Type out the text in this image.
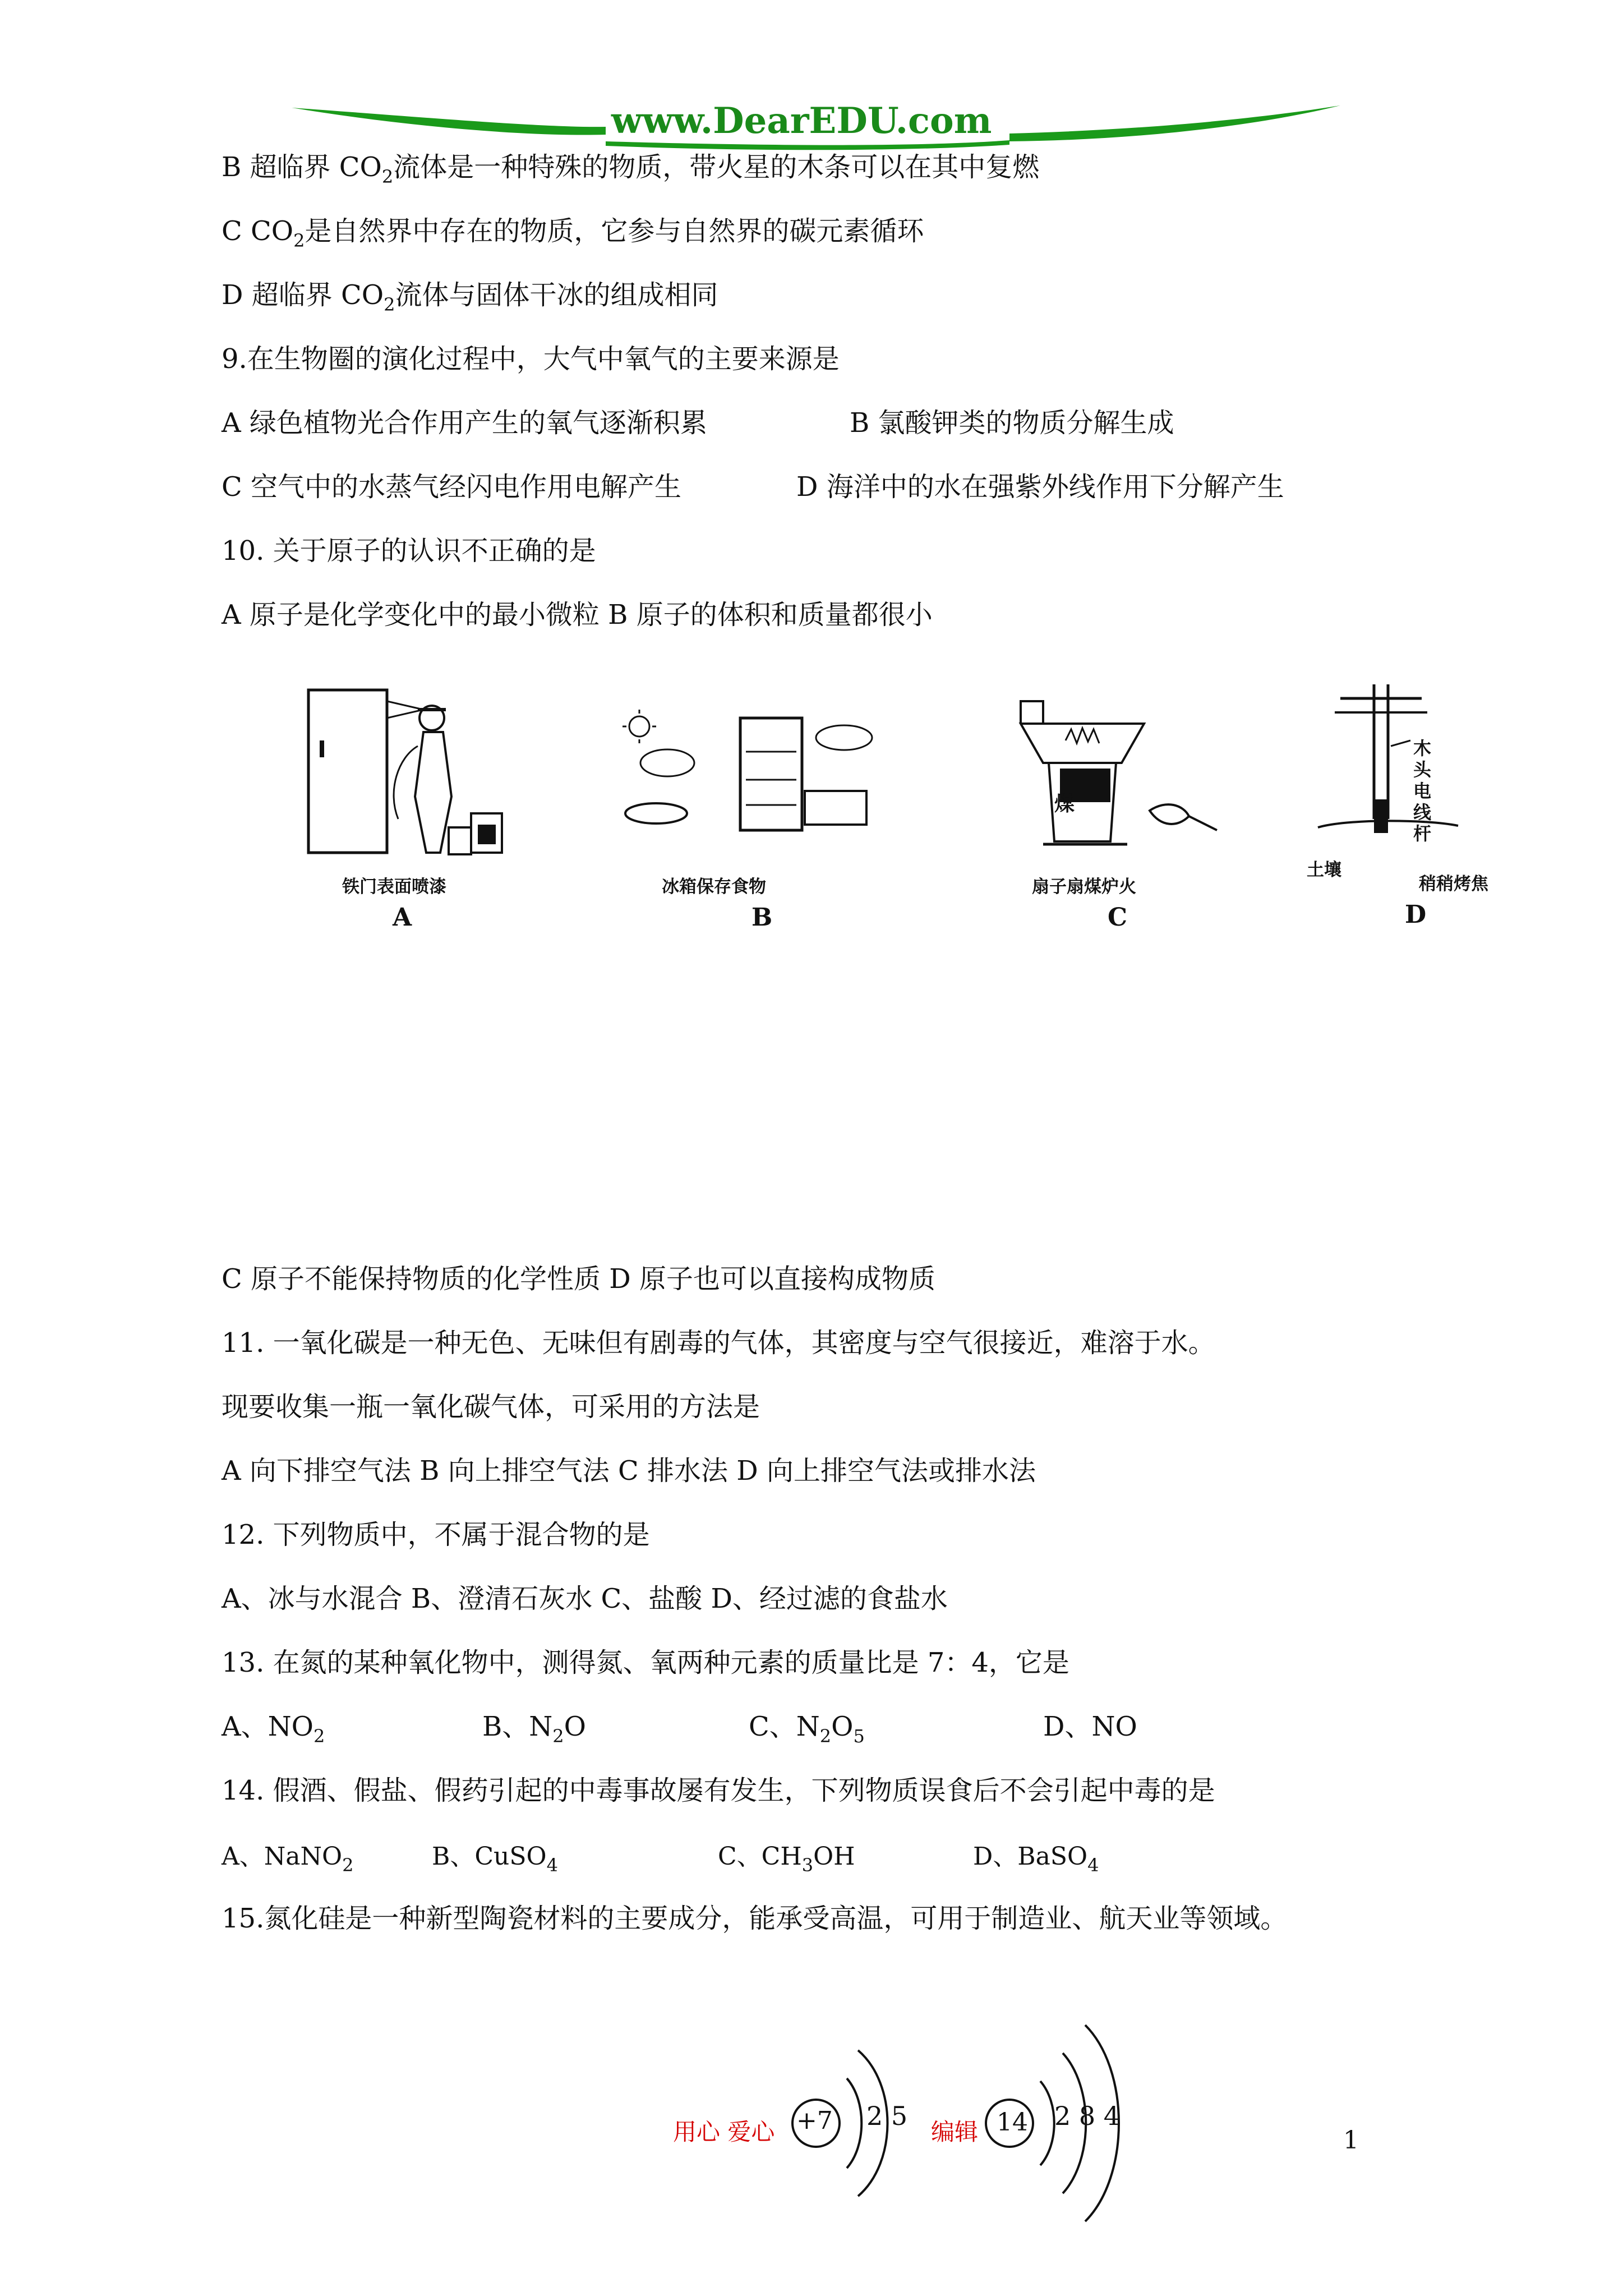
www.DearEDU.com
B 超临界 $CO_2$流体是一种特殊的物质，带火星的木条可以在其中复燃
C $CO_2$是自然界中存在的物质，它参与自然界的碳元素循环
D 超临界 $CO_2$流体与固体干冰的组成相同
9.在生物圈的演化过程中，大气中氧气的主要来源是
A 绿色植物光合作用产生的氧气逐渐积累	B 氯酸钾类的物质分解生成
C 空气中的水蒸气经闪电作用电解产生	D 海洋中的水在强紫外线作用下分解产生
10. 关于原子的认识不正确的是
A 原子是化学变化中的最小微粒 B 原子的体积和质量都很小
铁门表面喷漆
A
冰箱保存食物
B
煤
扇子扇煤炉火
C
木头电线杆
土壤
稍稍烤焦
D
C 原子不能保持物质的化学性质 D 原子也可以直接构成物质
11. 一氧化碳是一种无色、无味但有剧毒的气体，其密度与空气很接近，难溶于水。
现要收集一瓶一氧化碳气体，可采用的方法是
A 向下排空气法 B 向上排空气法 C 排水法 D 向上排空气法或排水法
12. 下列物质中，不属于混合物的是
A、冰与水混合 B、澄清石灰水 C、盐酸 D、经过滤的食盐水
13. 在氮的某种氧化物中，测得氮、氧两种元素的质量比是 7：4，它是
A、$NO_2$	B、$N_2O$	C、$N_2O_5$	D、NO
14. 假酒、假盐、假药引起的中毒事故屡有发生，下列物质误食后不会引起中毒的是
A、NaNO$_2$	B、CuSO$_4$	C、$CH_3OH$	D、BaSO$_4$
15.氮化硅是一种新型陶瓷材料的主要成分，能承受高温，可用于制造业、航天业等领域。
+7 2 5	14 2 8 4
用心 爱心	编辑	1
